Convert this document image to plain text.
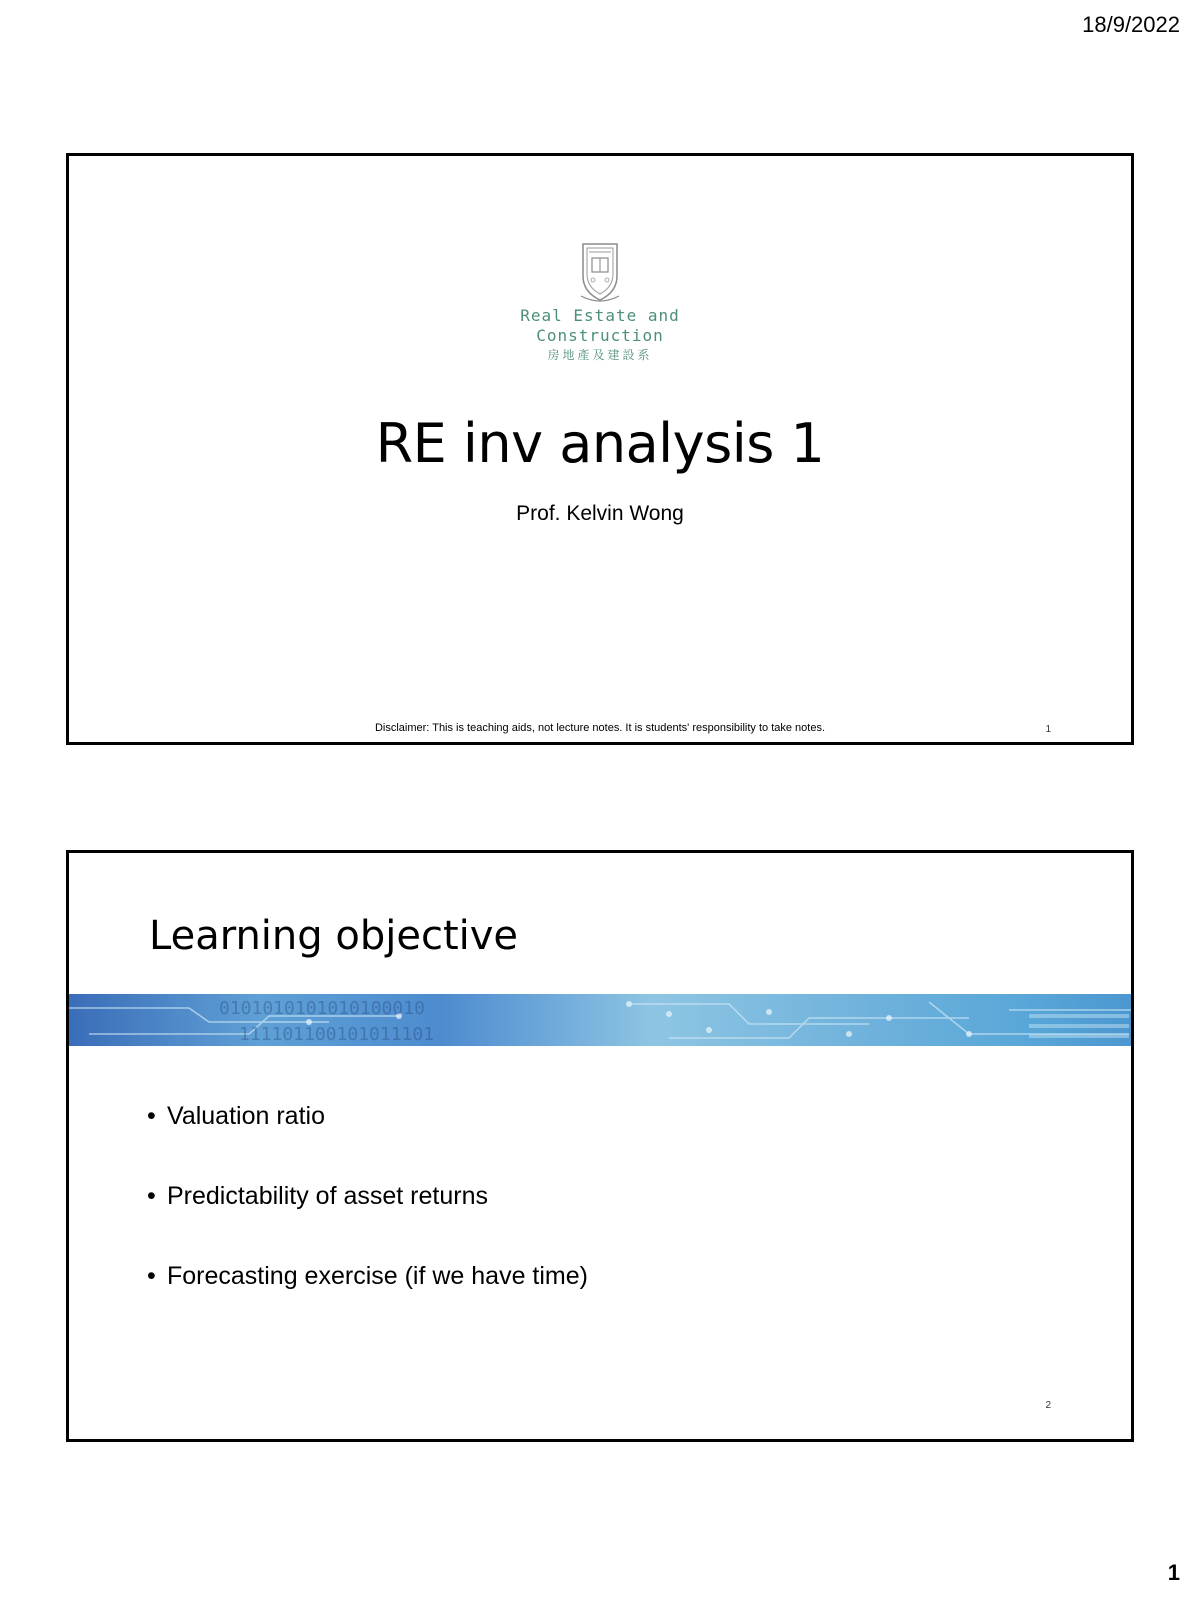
18/9/2022
Real Estate and
Construction
房地產及建設系
RE inv analysis 1
Prof. Kelvin Wong
Disclaimer: This is teaching aids, not lecture notes. It is students' responsibility to take notes.	1
Learning objective
0101010101010100010
111101100101011101
• Valuation ratio
• Predictability of asset returns
• Forecasting exercise (if we have time)
2
1
